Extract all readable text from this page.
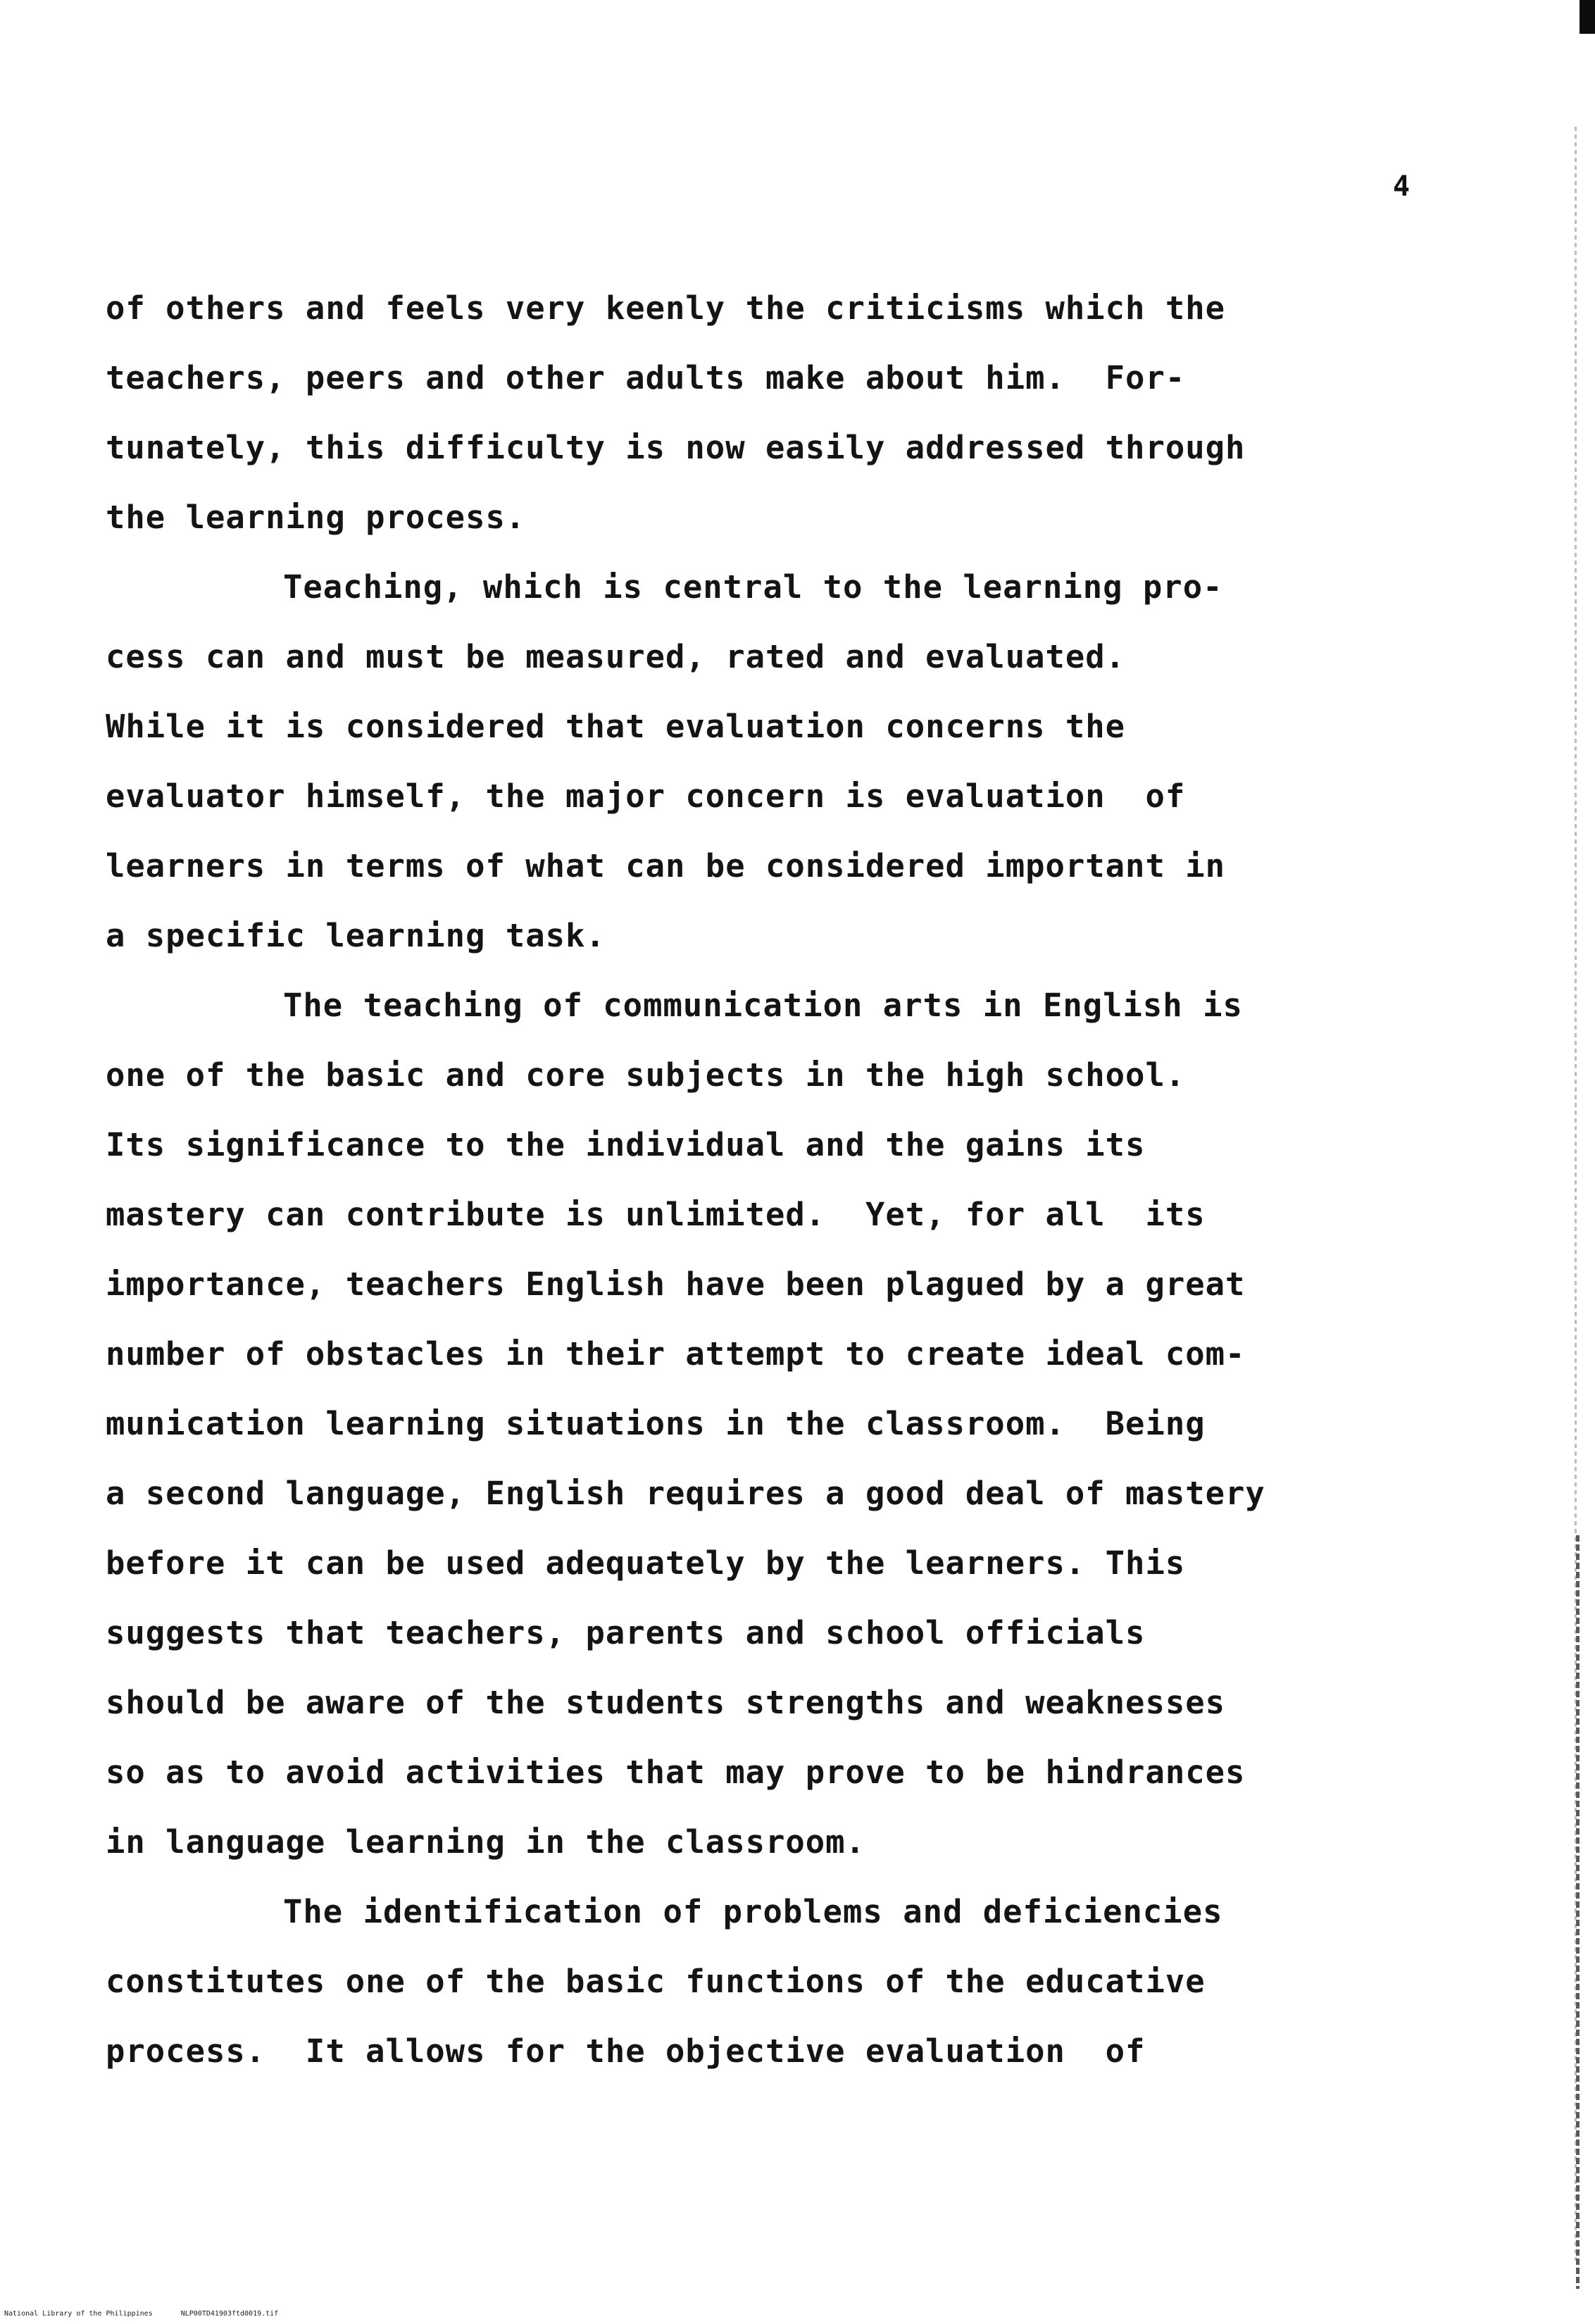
4
of others and feels very keenly the criticisms which the
teachers, peers and other adults make about him.  For-
tunately, this difficulty is now easily addressed through
the learning process.
Teaching, which is central to the learning pro-
cess can and must be measured, rated and evaluated.
While it is considered that evaluation concerns the
evaluator himself, the major concern is evaluation  of
learners in terms of what can be considered important in
a specific learning task.
The teaching of communication arts in English is
one of the basic and core subjects in the high school.
Its significance to the individual and the gains its
mastery can contribute is unlimited.  Yet, for all  its
importance, teachers English have been plagued by a great
number of obstacles in their attempt to create ideal com-
munication learning situations in the classroom.  Being
a second language, English requires a good deal of mastery
before it can be used adequately by the learners. This
suggests that teachers, parents and school officials
should be aware of the students strengths and weaknesses
so as to avoid activities that may prove to be hindrances
in language learning in the classroom.
The identification of problems and deficiencies
constitutes one of the basic functions of the educative
process.  It allows for the objective evaluation  of
National Library of the Philippines	NLP00TD41903ftd0019.tif
